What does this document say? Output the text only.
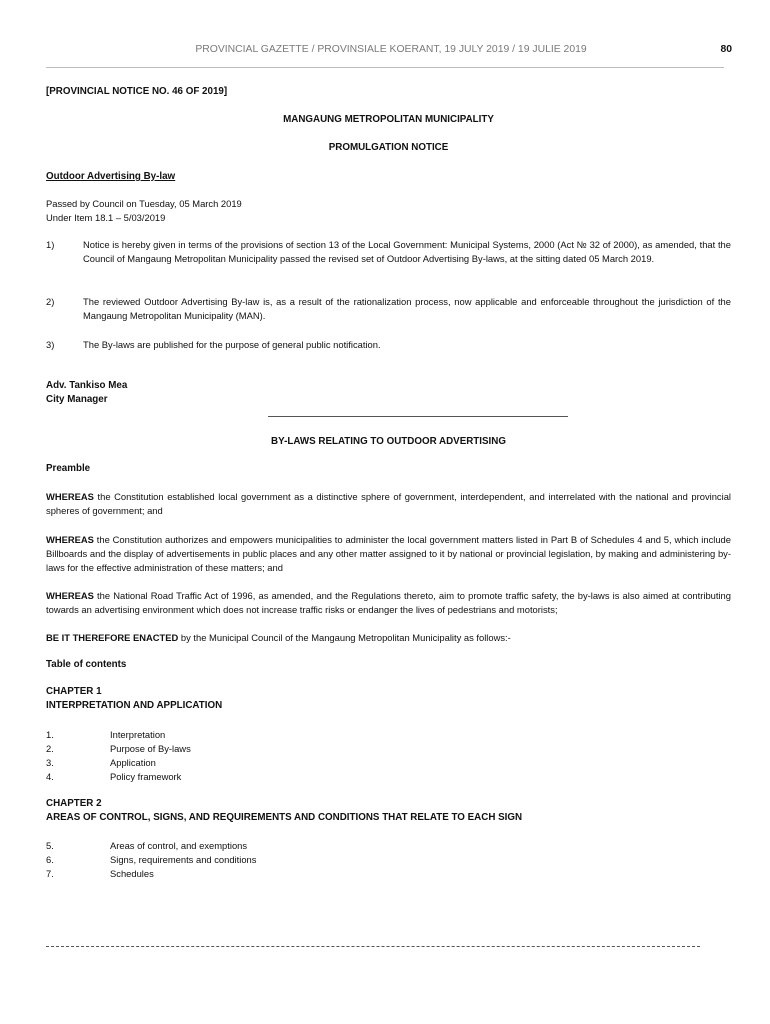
PROVINCIAL GAZETTE / PROVINSIALE KOERANT, 19 JULY 2019 / 19 JULIE 2019	80
[PROVINCIAL NOTICE NO. 46 OF 2019]
MANGAUNG METROPOLITAN MUNICIPALITY
PROMULGATION NOTICE
Outdoor Advertising By-law
Passed by Council on Tuesday, 05 March 2019
Under Item 18.1 – 5/03/2019
1)	Notice is hereby given in terms of the provisions of section 13 of the Local Government: Municipal Systems, 2000 (Act № 32 of 2000), as amended, that the Council of Mangaung Metropolitan Municipality passed the revised set of Outdoor Advertising By-laws, at the sitting dated 05 March 2019.
2)	The reviewed Outdoor Advertising By-law is, as a result of the rationalization process, now applicable and enforceable throughout the jurisdiction of the Mangaung Metropolitan Municipality (MAN).
3)	The By-laws are published for the purpose of general public notification.
Adv. Tankiso Mea
City Manager
BY-LAWS RELATING TO OUTDOOR ADVERTISING
Preamble
WHEREAS the Constitution established local government as a distinctive sphere of government, interdependent, and interrelated with the national and provincial spheres of government; and
WHEREAS the Constitution authorizes and empowers municipalities to administer the local government matters listed in Part B of Schedules 4 and 5, which include Billboards and the display of advertisements in public places and any other matter assigned to it by national or provincial legislation, by making and administering by-laws for the effective administration of these matters; and
WHEREAS the National Road Traffic Act of 1996, as amended, and the Regulations thereto, aim to promote traffic safety, the by-laws is also aimed at contributing towards an advertising environment which does not increase traffic risks or endanger the lives of pedestrians and motorists;
BE IT THEREFORE ENACTED by the Municipal Council of the Mangaung Metropolitan Municipality as follows:-
Table of contents
CHAPTER 1
INTERPRETATION AND APPLICATION
1.	Interpretation
2.	Purpose of By-laws
3.	Application
4.	Policy framework
CHAPTER 2
AREAS OF CONTROL, SIGNS, AND REQUIREMENTS AND CONDITIONS THAT RELATE TO EACH SIGN
5.	Areas of control, and exemptions
6.	Signs, requirements and conditions
7.	Schedules
